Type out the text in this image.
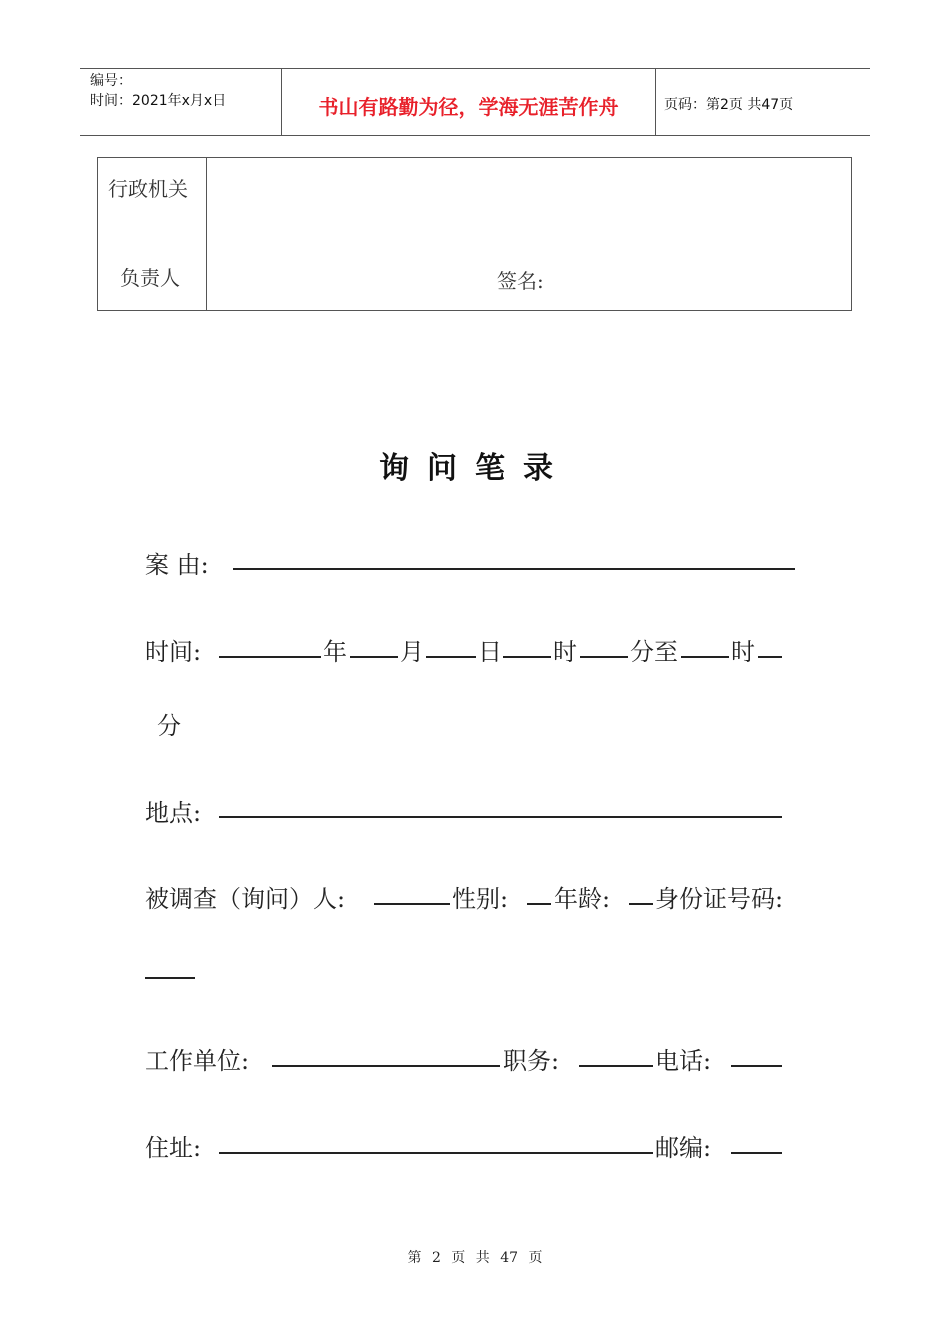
编号：
时间：2021年x月x日	书山有路勤为径，学海无涯苦作舟	页码：第2页 共47页
行政机关
负责人	签名:
询问笔录
案 由:
时间:	年 月 日 时 分至 时
分
地点:
被调查（询问）人:	性别: 年龄: 身份证号码:
工作单位:	职务:	电话:
住址:	邮编:
第 2 页 共 47 页
